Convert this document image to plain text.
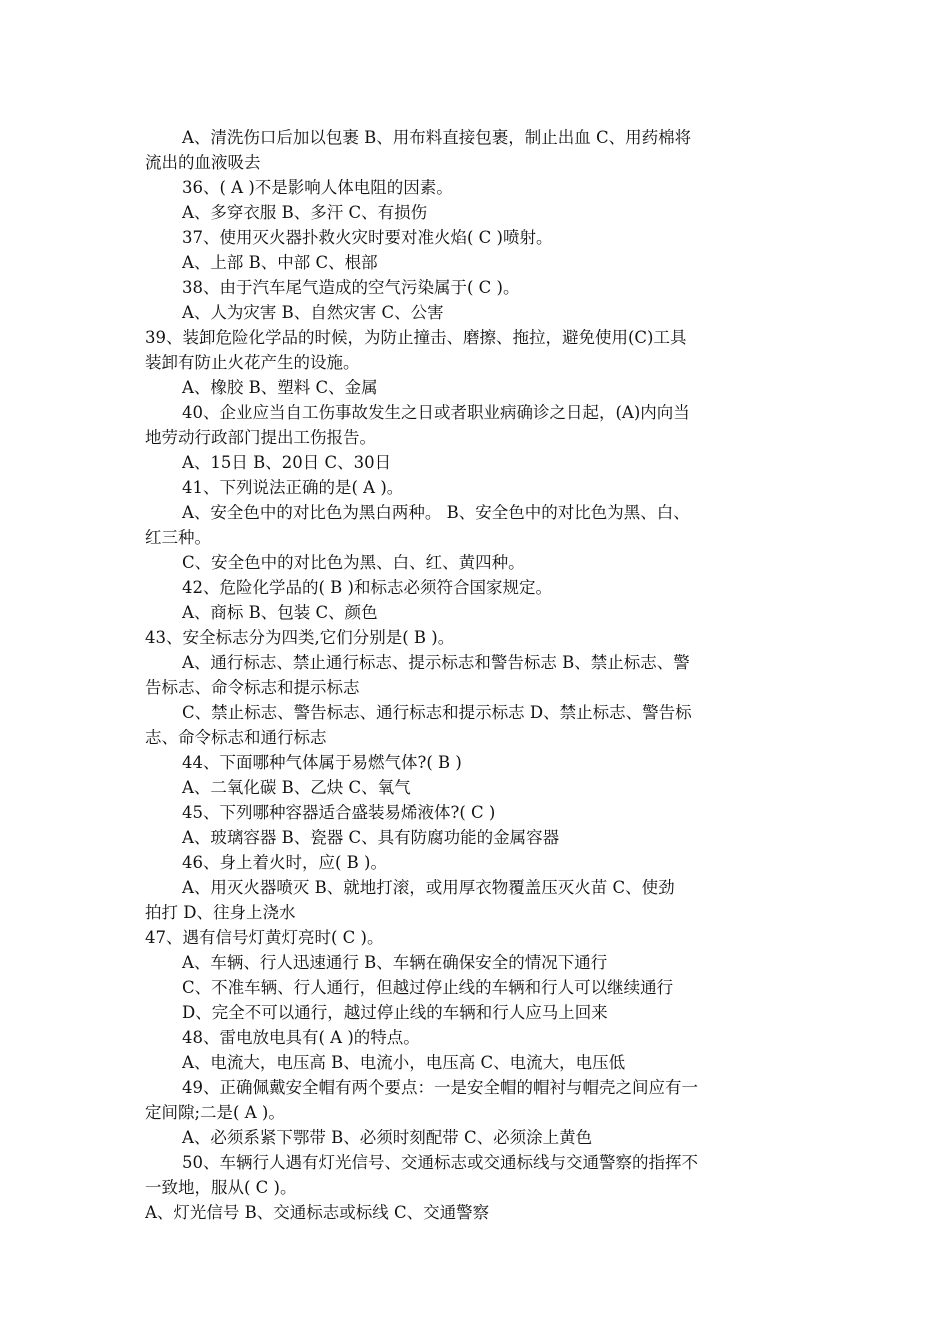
A、清洗伤口后加以包裹 B、用布料直接包裹，制止出血 C、用药棉将

流出的血液吸去

36、( A )不是影响人体电阻的因素。

A、多穿衣服 B、多汗 C、有损伤

37、使用灭火器扑救火灾时要对准火焰( C )喷射。

A、上部 B、中部 C、根部

38、由于汽车尾气造成的空气污染属于( C )。

A、人为灾害 B、自然灾害 C、公害

39、装卸危险化学品的时候，为防止撞击、磨擦、拖拉，避免使用(C)工具

装卸有防止火花产生的设施。

A、橡胶 B、塑料 C、金属

40、企业应当自工伤事故发生之日或者职业病确诊之日起，(A)内向当

地劳动行政部门提出工伤报告。

A、15日 B、20日 C、30日

41、下列说法正确的是( A )。

A、安全色中的对比色为黑白两种。 B、安全色中的对比色为黑、白、

红三种。

C、安全色中的对比色为黑、白、红、黄四种。

42、危险化学品的( B )和标志必须符合国家规定。

A、商标 B、包装 C、颜色

43、安全标志分为四类,它们分别是( B )。

A、通行标志、禁止通行标志、提示标志和警告标志 B、禁止标志、警

告标志、命令标志和提示标志

C、禁止标志、警告标志、通行标志和提示标志 D、禁止标志、警告标

志、命令标志和通行标志

44、下面哪种气体属于易燃气体?( B )

A、二氧化碳 B、乙炔 C、氧气

45、下列哪种容器适合盛装易烯液体?( C )

A、玻璃容器 B、瓷器 C、具有防腐功能的金属容器

46、身上着火时，应( B )。

A、用灭火器喷灭 B、就地打滚，或用厚衣物覆盖压灭火苗 C、使劲

拍打 D、往身上浇水

47、遇有信号灯黄灯亮时( C )。

A、车辆、行人迅速通行 B、车辆在确保安全的情况下通行

C、不准车辆、行人通行，但越过停止线的车辆和行人可以继续通行

D、完全不可以通行，越过停止线的车辆和行人应马上回来

48、雷电放电具有( A )的特点。

A、电流大，电压高 B、电流小，电压高 C、电流大，电压低

49、正确佩戴安全帽有两个要点：一是安全帽的帽衬与帽壳之间应有一

定间隙;二是( A )。

A、必须系紧下鄂带 B、必须时刻配带 C、必须涂上黄色

50、车辆行人遇有灯光信号、交通标志或交通标线与交通警察的指挥不

一致地，服从( C )。

A、灯光信号 B、交通标志或标线 C、交通警察
